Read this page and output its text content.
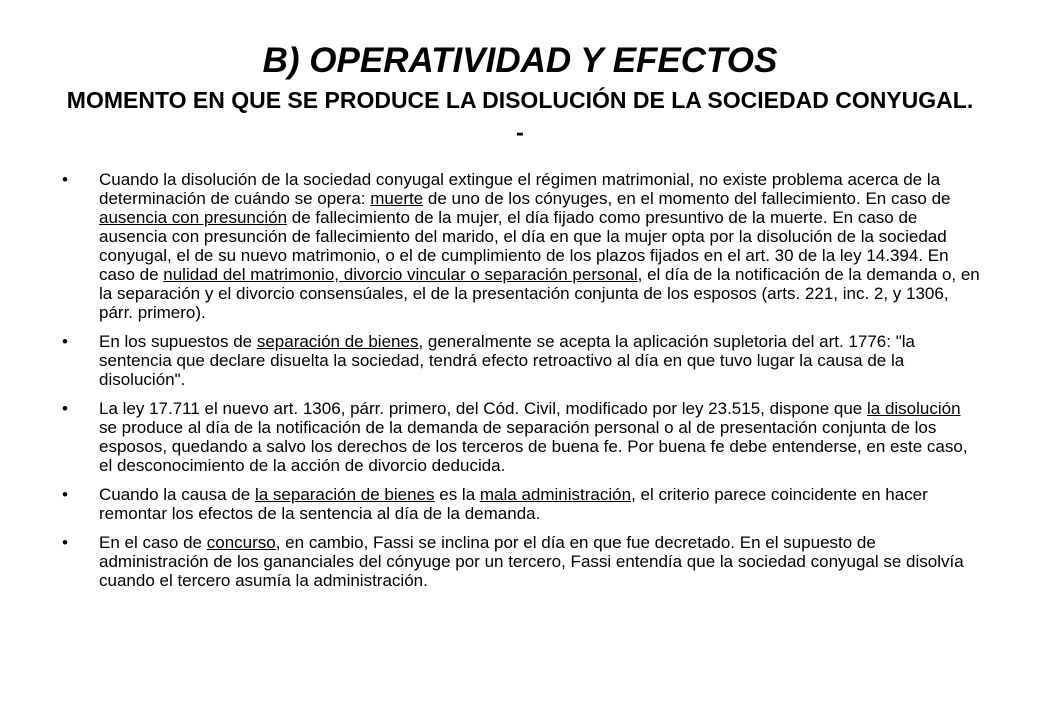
B) OPERATIVIDAD Y EFECTOS
MOMENTO EN QUE SE PRODUCE LA DISOLUCIÓN DE LA SOCIEDAD CONYUGAL. -
• Cuando la disolución de la sociedad conyugal extingue el régimen matrimonial, no existe problema acerca de la determinación de cuándo se opera: muerte de uno de los cónyuges, en el momento del fallecimiento. En caso de ausencia con presunción de fallecimiento de la mujer, el día fijado como presuntivo de la muerte. En caso de ausencia con presunción de fallecimiento del marido, el día en que la mujer opta por la disolución de la sociedad conyugal, el de su nuevo matrimonio, o el de cumplimiento de los plazos fijados en el art. 30 de la ley 14.394. En caso de nulidad del matrimonio, divorcio vincular o separación personal, el día de la notificación de la demanda o, en la separación y el divorcio consensúales, el de la presentación conjunta de los esposos (arts. 221, inc. 2, y 1306, párr. primero).
• En los supuestos de separación de bienes, generalmente se acepta la aplicación supletoria del art. 1776: "la sentencia que declare disuelta la sociedad, tendrá efecto retroactivo al día en que tuvo lugar la causa de la disolución".
• La ley 17.711 el nuevo art. 1306, párr. primero, del Cód. Civil, modificado por ley 23.515, dispone que la disolución se produce al día de la notificación de la demanda de separación personal o al de presentación conjunta de los esposos, quedando a salvo los derechos de los terceros de buena fe. Por buena fe debe entenderse, en este caso, el desconocimiento de la acción de divorcio deducida.
• Cuando la causa de la separación de bienes es la mala administración, el criterio parece coincidente en hacer remontar los efectos de la sentencia al día de la demanda.
• En el caso de concurso, en cambio, Fassi se inclina por el día en que fue decretado. En el supuesto de administración de los gananciales del cónyuge por un tercero, Fassi entendía que la sociedad conyugal se disolvía cuando el tercero asumía la administración.
